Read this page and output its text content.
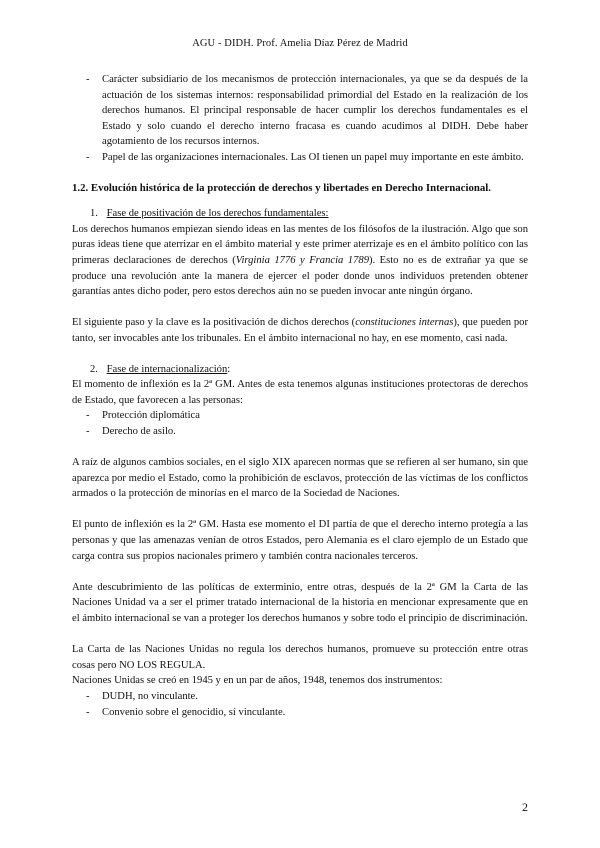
AGU - DIDH. Prof. Amelia Díaz Pérez de Madrid
- Carácter subsidiario de los mecanismos de protección internacionales, ya que se da después de la actuación de los sistemas internos: responsabilidad primordial del Estado en la realización de los derechos humanos. El principal responsable de hacer cumplir los derechos fundamentales es el Estado y solo cuando el derecho interno fracasa es cuando acudimos al DIDH. Debe haber agotamiento de los recursos internos.
- Papel de las organizaciones internacionales. Las OI tienen un papel muy importante en este ámbito.

1.2. Evolución histórica de la protección de derechos y libertades en Derecho Internacional.

1. Fase de positivación de los derechos fundamentales:

Los derechos humanos empiezan siendo ideas en las mentes de los filósofos de la ilustración. Algo que son puras ideas tiene que aterrizar en el ámbito material y este primer aterrizaje es en el ámbito político con las primeras declaraciones de derechos (Virginia 1776 y Francia 1789). Esto no es de extrañar ya que se produce una revolución ante la manera de ejercer el poder donde unos individuos pretenden obtener garantías antes dicho poder, pero estos derechos aún no se pueden invocar ante ningún órgano.

El siguiente paso y la clave es la positivación de dichos derechos (constituciones internas), que pueden por tanto, ser invocables ante los tribunales. En el ámbito internacional no hay, en ese momento, casi nada.

2. Fase de internacionalización:

El momento de inflexión es la 2ª GM. Antes de esta tenemos algunas instituciones protectoras de derechos de Estado, que favorecen a las personas:

- Protección diplomática
- Derecho de asilo.

A raíz de algunos cambios sociales, en el siglo XIX aparecen normas que se refieren al ser humano, sin que aparezca por medio el Estado, como la prohibición de esclavos, protección de las víctimas de los conflictos armados o la protección de minorías en el marco de la Sociedad de Naciones.

El punto de inflexión es la 2ª GM. Hasta ese momento el DI partía de que el derecho interno protegía a las personas y que las amenazas venían de otros Estados, pero Alemania es el claro ejemplo de un Estado que carga contra sus propios nacionales primero y también contra nacionales terceros.

Ante descubrimiento de las políticas de exterminio, entre otras, después de la 2ª GM la Carta de las Naciones Unidad va a ser el primer tratado internacional de la historia en mencionar expresamente que en el ámbito internacional se van a proteger los derechos humanos y sobre todo el principio de discriminación.

La Carta de las Naciones Unidas no regula los derechos humanos, promueve su protección entre otras cosas pero NO LOS REGULA.

Naciones Unidas se creó en 1945 y en un par de años, 1948, tenemos dos instrumentos:

- DUDH, no vinculante.
- Convenio sobre el genocidio, sí vinculante.
2
